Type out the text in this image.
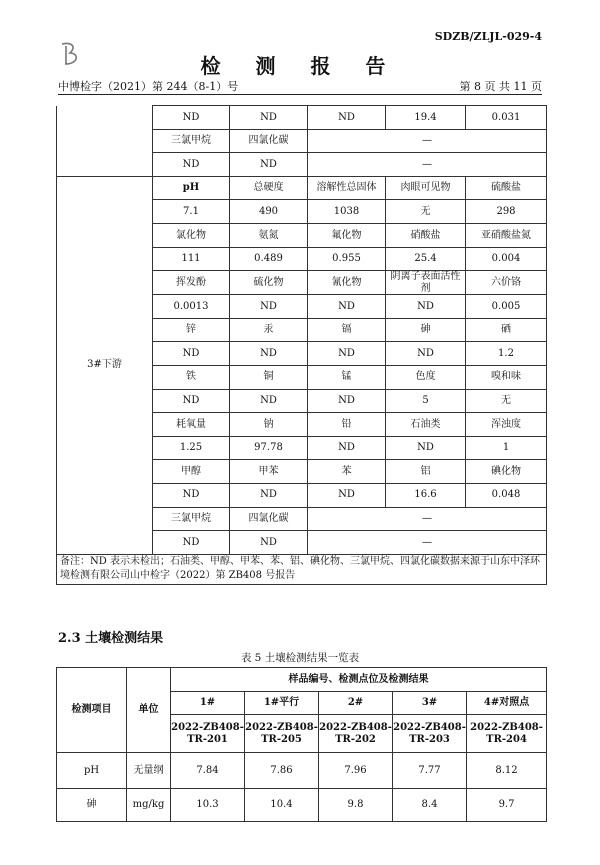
SDZB/ZLJL-029-4
检 测 报 告
中博检字（2021）第 244（8-1）号	第 8 页 共 11 页
	ND	ND	ND	19.4	0.031
	三氯甲烷	四氯化碳	—		
	ND	ND	—		
3#下游	pH	总硬度	溶解性总固体	肉眼可见物	硫酸盐
	7.1	490	1038	无	298
	氯化物	氨氮	氟化物	硝酸盐	亚硝酸盐氮
	111	0.489	0.955	25.4	0.004
	挥发酚	硫化物	氰化物	阴离子表面活性剂	六价铬
	0.0013	ND	ND	ND	0.005
	锌	汞	镉	砷	硒
	ND	ND	ND	ND	1.2
	铁	铜	锰	色度	嗅和味
	ND	ND	ND	5	无
	耗氧量	钠	铅	石油类	浑浊度
	1.25	97.78	ND	ND	1
	甲醇	甲苯	苯	铝	碘化物
	ND	ND	ND	16.6	0.048
	三氯甲烷	四氯化碳	—		
	ND	ND	—		
备注：ND 表示未检出；石油类、甲醇、甲苯、苯、铝、碘化物、三氯甲烷、四氯化碳数据来源于山东中泽环境检测有限公司山中检字（2022）第 ZB408 号报告					
2.3 土壤检测结果
表 5 土壤检测结果一览表
检测项目	单位	样品编号、检测点位及检测结果				
		1#	1#平行	2#	3#	4#对照点
		2022-ZB408-TR-201	2022-ZB408-TR-205	2022-ZB408-TR-202	2022-ZB408-TR-203	2022-ZB408-TR-204
pH	无量纲	7.84	7.86	7.96	7.77	8.12
砷	mg/kg	10.3	10.4	9.8	8.4	9.7
